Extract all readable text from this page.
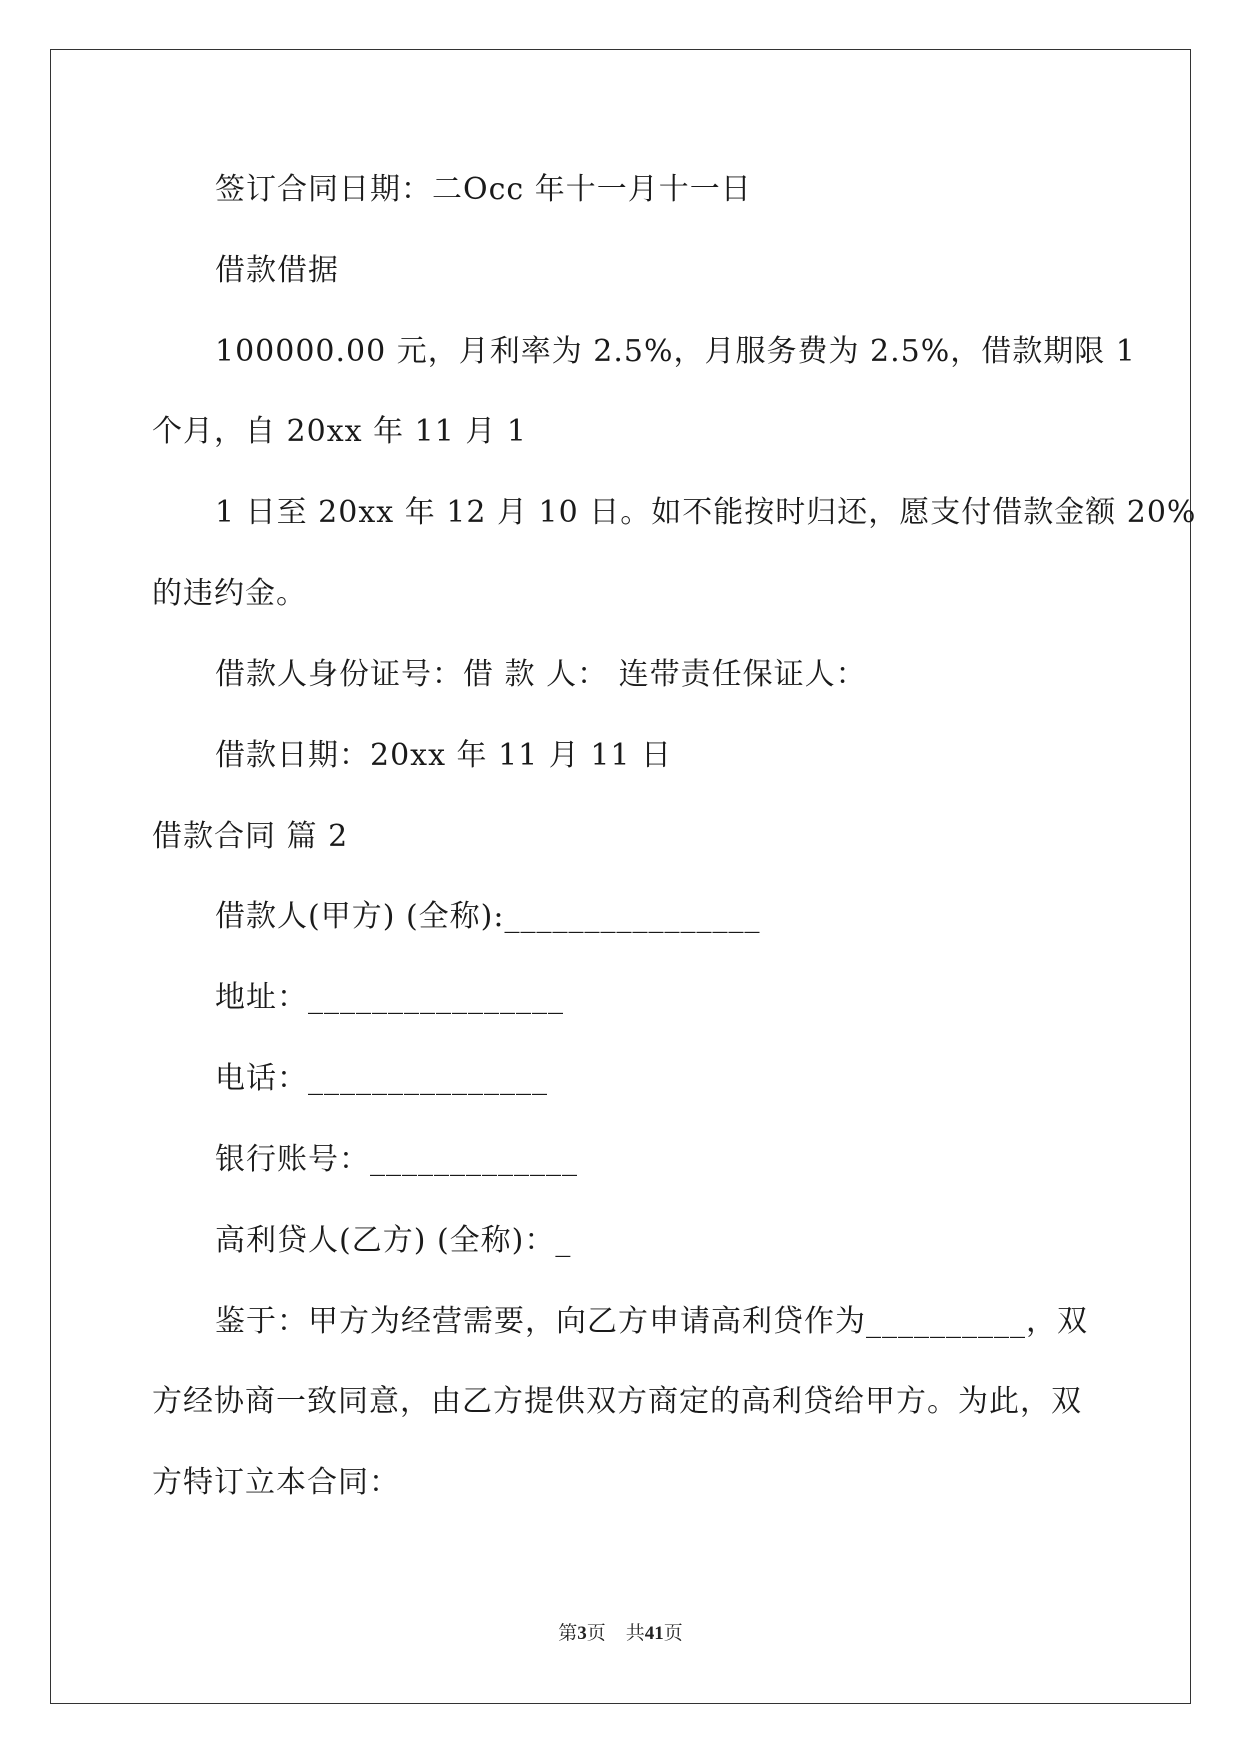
签订合同日期：二Occ 年十一月十一日
借款借据
100000.00 元，月利率为 2.5%，月服务费为 2.5%，借款期限 1
个月，自 20xx 年 11 月 1
1 日至 20xx 年 12 月 10 日。如不能按时归还，愿支付借款金额 20%
的违约金。
借款人身份证号：借 款 人： 连带责任保证人：
借款日期：20xx 年 11 月 11 日
借款合同 篇 2
借款人(甲方) (全称):________________
地址：________________
电话：_______________
银行账号：_____________
高利贷人(乙方) (全称)：_
鉴于：甲方为经营需要，向乙方申请高利贷作为__________，双
方经协商一致同意，由乙方提供双方商定的高利贷给甲方。为此，双
方特订立本合同：
第3页 共41页
